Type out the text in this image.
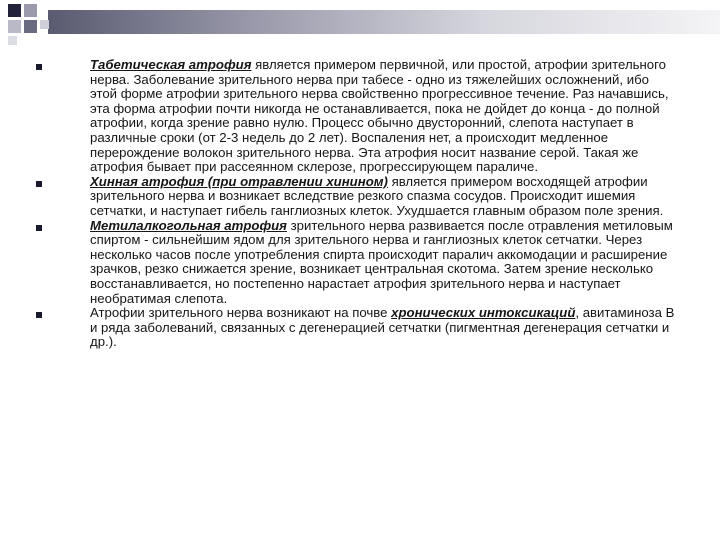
Табетическая атрофия является примером первичной, или простой, атрофии зрительного нерва. Заболевание зрительного нерва при табесе - одно из тяжелейших осложнений, ибо этой форме атрофии зрительного нерва свойственно прогрессивное течение. Раз начавшись, эта форма атрофии почти никогда не останавливается, пока не дойдет до конца - до полной атрофии, когда зрение равно нулю. Процесс обычно двусторонний, слепота наступает в различные сроки (от 2-3 недель до 2 лет). Воспаления нет, а происходит медленное перерождение волокон зрительного нерва. Эта атрофия носит название серой. Такая же атрофия бывает при рассеянном склерозе, прогрессирующем параличе.

Хинная атрофия (при отравлении хинином) является примером восходящей атрофии зрительного нерва и возникает вследствие резкого спазма сосудов. Происходит ишемия сетчатки, и наступает гибель ганглиозных клеток. Ухудшается главным образом поле зрения.

Метилалкогольная атрофия зрительного нерва развивается после отравления метиловым спиртом - сильнейшим ядом для зрительного нерва и ганглиозных клеток сетчатки. Через несколько часов после употребления спирта происходит паралич аккомодации и расширение зрачков, резко снижается зрение, возникает центральная скотома. Затем зрение несколько восстанавливается, но постепенно нарастает атрофия зрительного нерва и наступает необратимая слепота.

Атрофии зрительного нерва возникают на почве хронических интоксикаций, авитаминоза В и ряда заболеваний, связанных с дегенерацией сетчатки (пигментная дегенерация сетчатки и др.).
